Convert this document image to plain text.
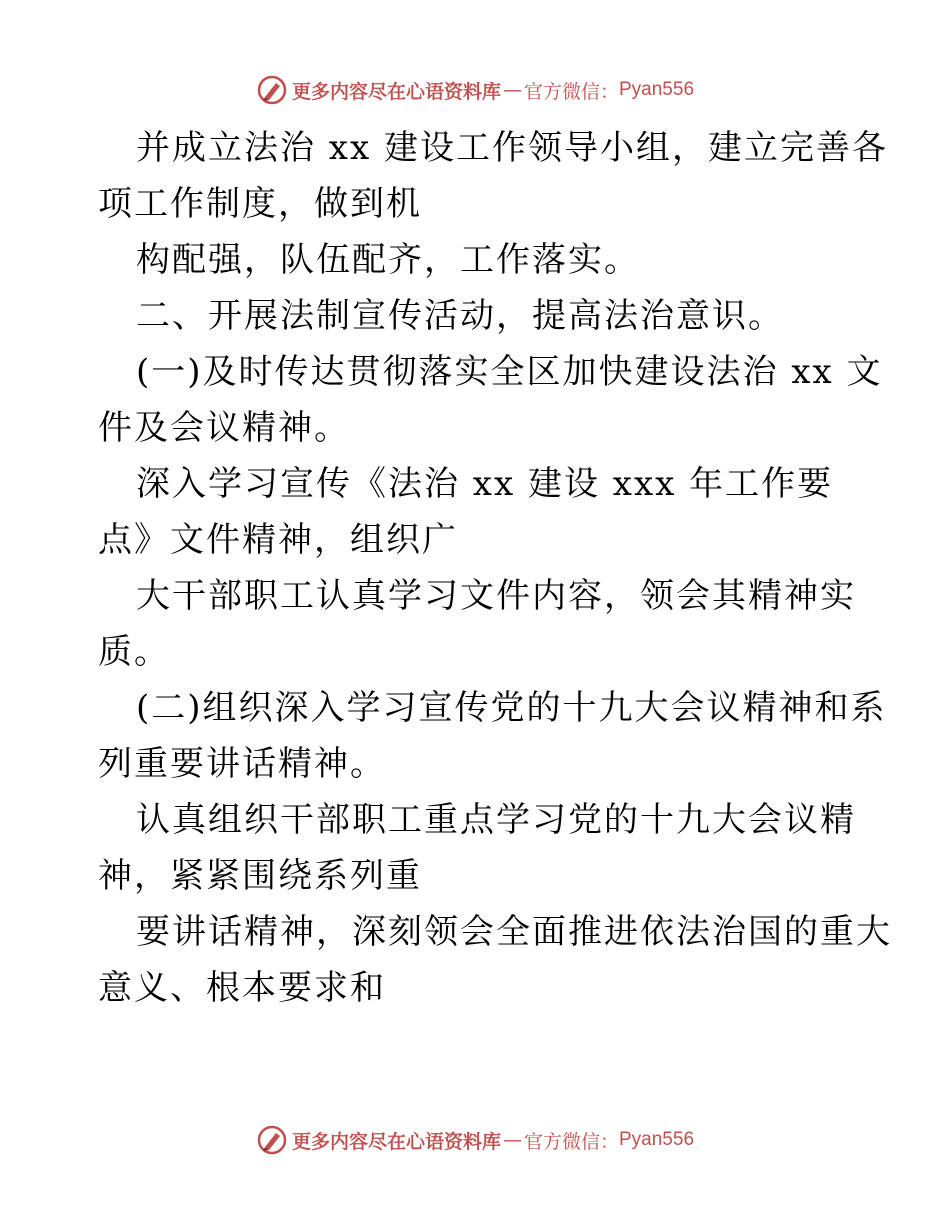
更多内容尽在心语资料库 — 官方微信： Pyan556
并成立法治 xx 建设工作领导小组，建立完善各
项工作制度，做到机
构配强，队伍配齐，工作落实。
二、开展法制宣传活动，提高法治意识。
(一)及时传达贯彻落实全区加快建设法治 xx 文
件及会议精神。
深入学习宣传《法治 xx 建设 xxx 年工作要
点》文件精神，组织广
大干部职工认真学习文件内容，领会其精神实
质。
(二)组织深入学习宣传党的十九大会议精神和系
列重要讲话精神。
认真组织干部职工重点学习党的十九大会议精
神，紧紧围绕系列重
要讲话精神，深刻领会全面推进依法治国的重大
意义、根本要求和
更多内容尽在心语资料库 — 官方微信： Pyan556
